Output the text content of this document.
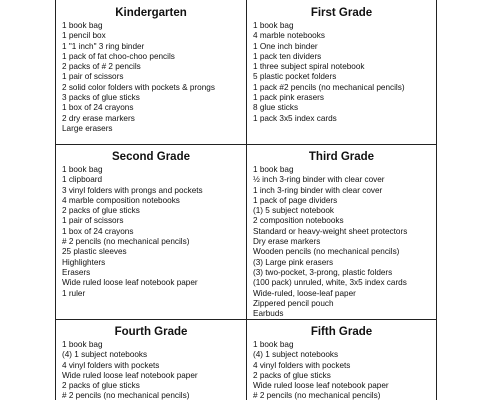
Kindergarten
1 book bag
1 pencil box
1 "1 inch" 3 ring binder
1 pack of fat choo-choo pencils
2 packs of # 2 pencils
1 pair of scissors
2 solid color folders with pockets & prongs
3 packs of glue sticks
1 box of 24 crayons
2 dry erase markers
Large erasers
First Grade
1 book bag
4 marble notebooks
1 One inch binder
1 pack ten dividers
1 three subject spiral notebook
5 plastic pocket folders
1 pack #2 pencils (no mechanical pencils)
1 pack pink erasers
8 glue sticks
1 pack 3x5 index cards
Second Grade
1 book bag
1 clipboard
3 vinyl folders with prongs and pockets
4 marble composition notebooks
2 packs of glue sticks
1 pair of scissors
1 box of 24 crayons
# 2 pencils (no mechanical pencils)
25 plastic sleeves
Highlighters
Erasers
Wide ruled loose leaf notebook paper
1 ruler
Third Grade
1 book bag
½ inch 3-ring binder with clear cover
1 inch 3-ring binder with clear cover
1 pack of page dividers
(1) 5 subject notebook
2 composition notebooks
Standard or heavy-weight sheet protectors
Dry erase markers
Wooden pencils (no mechanical pencils)
(3) Large pink erasers
(3) two-pocket, 3-prong, plastic folders
(100 pack) unruled, white, 3x5 index cards
Wide-ruled, loose-leaf paper
Zippered pencil pouch
Earbuds
Fourth Grade
1 book bag
(4) 1 subject notebooks
4 vinyl folders with pockets
Wide ruled loose leaf notebook paper
2 packs of glue sticks
# 2 pencils (no mechanical pencils)
Fifth Grade
1 book bag
(4) 1 subject notebooks
4 vinyl folders with pockets
2 packs of glue sticks
Wide ruled loose leaf notebook paper
# 2 pencils (no mechanical pencils)
